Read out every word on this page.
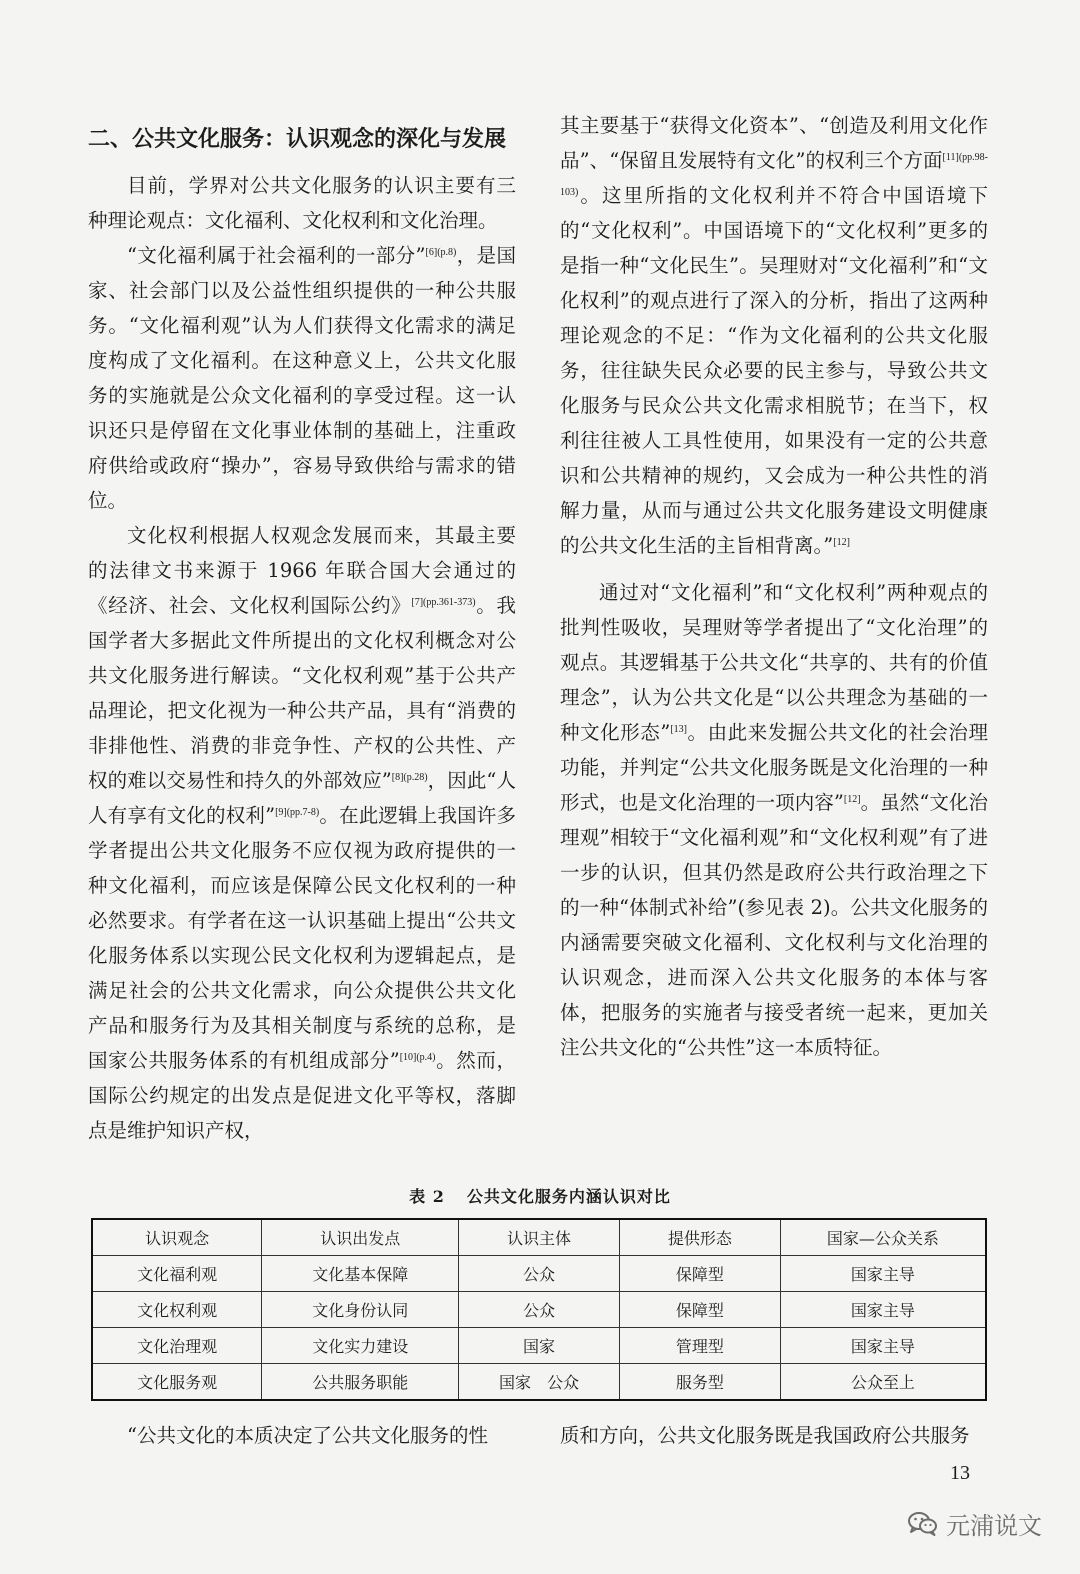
二、公共文化服务：认识观念的深化与发展

目前，学界对公共文化服务的认识主要有三种理论观点：文化福利、文化权利和文化治理。

“文化福利属于社会福利的一部分”$^{[6](p.8)}$，是国家、社会部门以及公益性组织提供的一种公共服务。“文化福利观”认为人们获得文化需求的满足度构成了文化福利。在这种意义上，公共文化服务的实施就是公众文化福利的享受过程。这一认识还只是停留在文化事业体制的基础上，注重政府供给或政府“操办”，容易导致供给与需求的错位。

文化权利根据人权观念发展而来，其最主要的法律文书来源于 1966 年联合国大会通过的《经济、社会、文化权利国际公约》$^{[7](pp.361-373)}$。我国学者大多据此文件所提出的文化权利概念对公共文化服务进行解读。“文化权利观”基于公共产品理论，把文化视为一种公共产品，具有“消费的非排他性、消费的非竞争性、产权的公共性、产权的难以交易性和持久的外部效应”$^{[8](p.28)}$，因此“人人有享有文化的权利”$^{[9](pp.7-8)}$。在此逻辑上我国许多学者提出公共文化服务不应仅视为政府提供的一种文化福利，而应该是保障公民文化权利的一种必然要求。有学者在这一认识基础上提出“公共文化服务体系以实现公民文化权利为逻辑起点，是满足社会的公共文化需求，向公众提供公共文化产品和服务行为及其相关制度与系统的总称，是国家公共服务体系的有机组成部分”$^{[10](p.4)}$。然而，国际公约规定的出发点是促进文化平等权，落脚点是维护知识产权，

其主要基于“获得文化资本”、“创造及利用文化作品”、“保留且发展特有文化”的权利三个方面$^{[11](pp.98-103)}$。这里所指的文化权利并不符合中国语境下的“文化权利”。中国语境下的“文化权利”更多的是指一种“文化民生”。吴理财对“文化福利”和“文化权利”的观点进行了深入的分析，指出了这两种理论观念的不足：“作为文化福利的公共文化服务，往往缺失民众必要的民主参与，导致公共文化服务与民众公共文化需求相脱节；在当下，权利往往被人工具性使用，如果没有一定的公共意识和公共精神的规约，又会成为一种公共性的消解力量，从而与通过公共文化服务建设文明健康的公共文化生活的主旨相背离。”[12]

通过对“文化福利”和“文化权利”两种观点的批判性吸收，吴理财等学者提出了“文化治理”的观点。其逻辑基于公共文化“共享的、共有的价值理念”，认为公共文化是“以公共理念为基础的一种文化形态”[13]。由此来发掘公共文化的社会治理功能，并判定“公共文化服务既是文化治理的一种形式，也是文化治理的一项内容”[12]。虽然“文化治理观”相较于“文化福利观”和“文化权利观”有了进一步的认识，但其仍然是政府公共行政治理之下的一种“体制式补给”(参见表 2)。公共文化服务的内涵需要突破文化福利、文化权利与文化治理的认识观念，进而深入公共文化服务的本体与客体，把服务的实施者与接受者统一起来，更加关注公共文化的“公共性”这一本质特征。

表 2 公共文化服务内涵认识对比
认识观念	认识出发点	认识主体	提供形态	国家—公众关系
文化福利观	文化基本保障	公众	保障型	国家主导
文化权利观	文化身份认同	公众	保障型	国家主导
文化治理观	文化实力建设	国家	管理型	国家主导
文化服务观	公共服务职能	国家　公众	服务型	公众至上
“公共文化的本质决定了公共文化服务的性	质和方向，公共文化服务既是我国政府公共服务
13
元浦说文
